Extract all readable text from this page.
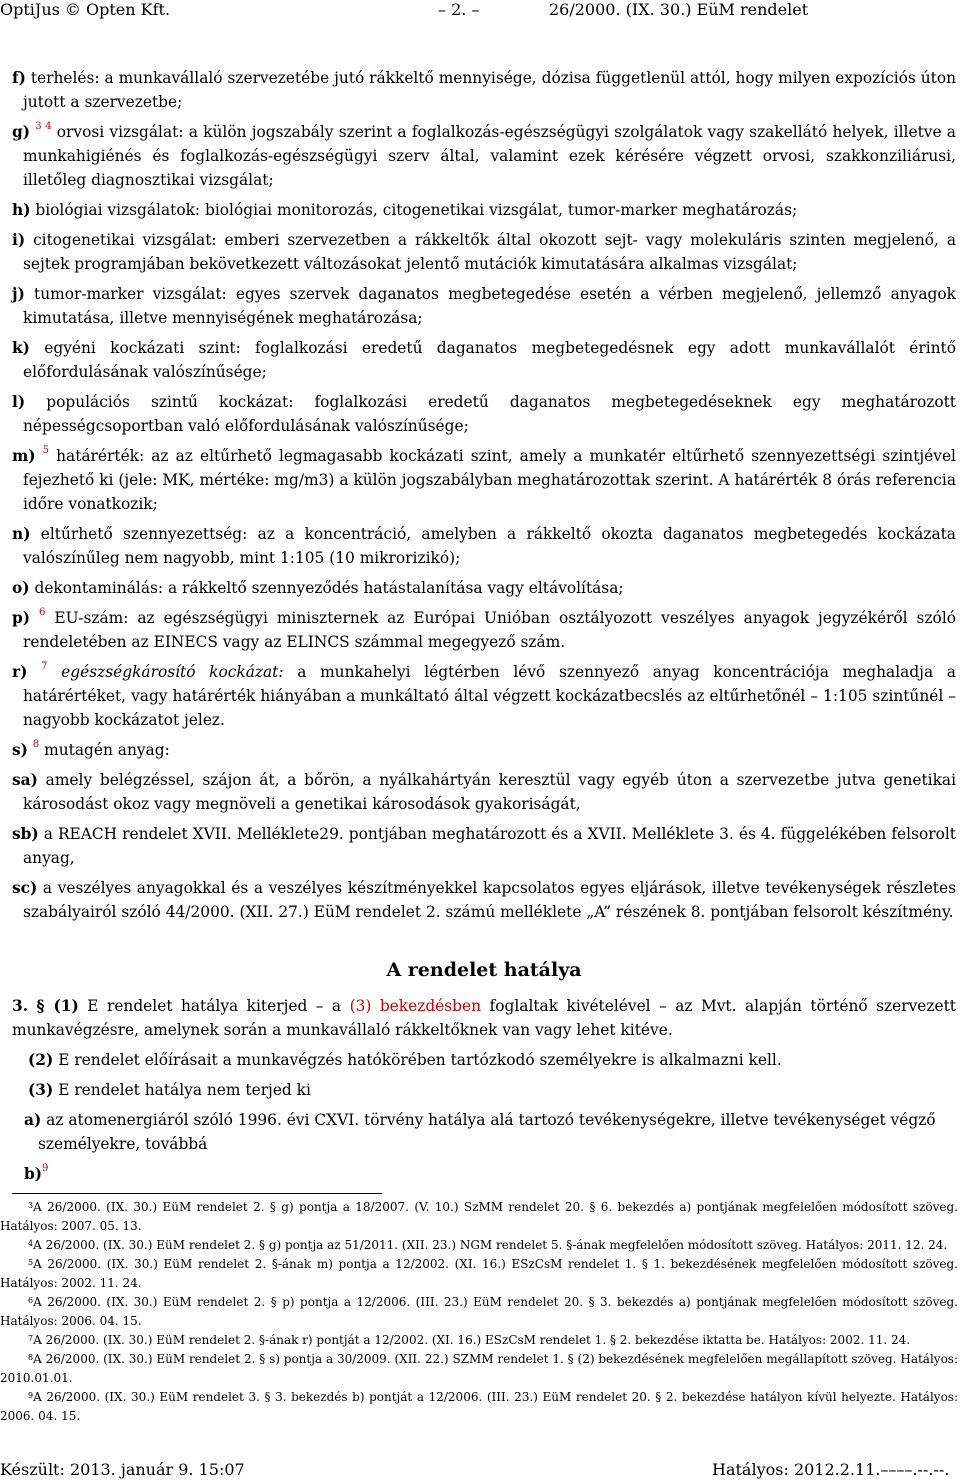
OptiJus © Opten Kft.	– 2. –	26/2000. (IX. 30.) EüM rendelet

f) terhelés: a munkavállaló szervezetébe jutó rákkeltő mennyisége, dózisa függetlenül attól, hogy milyen expozíciós úton jutott a szervezetbe;

g) $^{3 4}$ orvosi vizsgálat: a külön jogszabály szerint a foglalkozás-egészségügyi szolgálatok vagy szakellátó helyek, illetve a munkahigiénés és foglalkozás-egészségügyi szerv által, valamint ezek kérésére végzett orvosi, szakkonziliárusi, illetőleg diagnosztikai vizsgálat;

h) biológiai vizsgálatok: biológiai monitorozás, citogenetikai vizsgálat, tumor-marker meghatározás;

i) citogenetikai vizsgálat: emberi szervezetben a rákkeltők által okozott sejt- vagy molekuláris szinten megjelenő, a sejtek programjában bekövetkezett változásokat jelentő mutációk kimutatására alkalmas vizsgálat;

j) tumor-marker vizsgálat: egyes szervek daganatos megbetegedése esetén a vérben megjelenő, jellemző anyagok kimutatása, illetve mennyiségének meghatározása;

k) egyéni kockázati szint: foglalkozási eredetű daganatos megbetegedésnek egy adott munkavállalót érintő előfordulásának valószínűsége;

l) populációs szintű kockázat: foglalkozási eredetű daganatos megbetegedéseknek egy meghatározott népességcsoportban való előfordulásának valószínűsége;

m) $^5$ határérték: az az eltűrhető legmagasabb kockázati szint, amely a munkatér eltűrhető szennyezettségi szintjével fejezhető ki (jele: MK, mértéke: mg/m3) a külön jogszabályban meghatározottak szerint. A határérték 8 órás referencia időre vonatkozik;

n) eltűrhető szennyezettség: az a koncentráció, amelyben a rákkeltő okozta daganatos megbetegedés kockázata valószínűleg nem nagyobb, mint 1:105 (10 mikrorizikó);

o) dekontaminálás: a rákkeltő szennyeződés hatástalanítása vagy eltávolítása;

p) $^6$ EU-szám: az egészségügyi miniszternek az Európai Unióban osztályozott veszélyes anyagok jegyzékéről szóló rendeletében az EINECS vagy az ELINCS számmal megegyező szám.

r) $^7$ egészségkárosító kockázat: a munkahelyi légtérben lévő szennyező anyag koncentrációja meghaladja a határértéket, vagy határérték hiányában a munkáltató által végzett kockázatbecslés az eltűrhetőnél – 1:105 szintűnél – nagyobb kockázatot jelez.

s) $^8$ mutagén anyag:

sa) amely belégzéssel, szájon át, a bőrön, a nyálkahártyán keresztül vagy egyéb úton a szervezetbe jutva genetikai károsodást okoz vagy megnöveli a genetikai károsodások gyakoriságát,

sb) a REACH rendelet XVII. Melléklete29. pontjában meghatározott és a XVII. Melléklete 3. és 4. függelékében felsorolt anyag,

sc) a veszélyes anyagokkal és a veszélyes készítményekkel kapcsolatos egyes eljárások, illetve tevékenységek részletes szabályairól szóló 44/2000. (XII. 27.) EüM rendelet 2. számú melléklete „A” részének 8. pontjában felsorolt készítmény.

A rendelet hatálya

3. § (1) E rendelet hatálya kiterjed – a (3) bekezdésben foglaltak kivételével – az Mvt. alapján történő szervezett munkavégzésre, amelynek során a munkavállaló rákkeltőknek van vagy lehet kitéve.

(2) E rendelet előírásait a munkavégzés hatókörében tartózkodó személyekre is alkalmazni kell.

(3) E rendelet hatálya nem terjed ki

a) az atomenergiáról szóló 1996. évi CXVI. törvény hatálya alá tartozó tevékenységekre, illetve tevékenységet végző személyekre, továbbá

b)$^9$

$^3$A 26/2000. (IX. 30.) EüM rendelet 2. § g) pontja a 18/2007. (V. 10.) SzMM rendelet 20. § 6. bekezdés a) pontjának megfelelően módosított szöveg. Hatályos: 2007. 05. 13.

$^4$A 26/2000. (IX. 30.) EüM rendelet 2. § g) pontja az 51/2011. (XII. 23.) NGM rendelet 5. §-ának megfelelően módosított szöveg. Hatályos: 2011. 12. 24.

$^5$A 26/2000. (IX. 30.) EüM rendelet 2. §-ának m) pontja a 12/2002. (XI. 16.) ESzCsM rendelet 1. § 1. bekezdésének megfelelően módosított szöveg. Hatályos: 2002. 11. 24.

$^6$A 26/2000. (IX. 30.) EüM rendelet 2. § p) pontja a 12/2006. (III. 23.) EüM rendelet 20. § 3. bekezdés a) pontjának megfelelően módosított szöveg. Hatályos: 2006. 04. 15.

$^7$A 26/2000. (IX. 30.) EüM rendelet 2. §-ának r) pontját a 12/2002. (XI. 16.) ESzCsM rendelet 1. § 2. bekezdése iktatta be. Hatályos: 2002. 11. 24.

$^8$A 26/2000. (IX. 30.) EüM rendelet 2. § s) pontja a 30/2009. (XII. 22.) SZMM rendelet 1. § (2) bekezdésének megfelelően megállapított szöveg. Hatályos: 2010.01.01.

$^9$A 26/2000. (IX. 30.) EüM rendelet 3. § 3. bekezdés b) pontját a 12/2006. (III. 23.) EüM rendelet 20. § 2. bekezdése hatályon kívül helyezte. Hatályos: 2006. 04. 15.

Készült: 2013. január 9. 15:07	Hatályos: 2012.2.11.––––.--.--.
